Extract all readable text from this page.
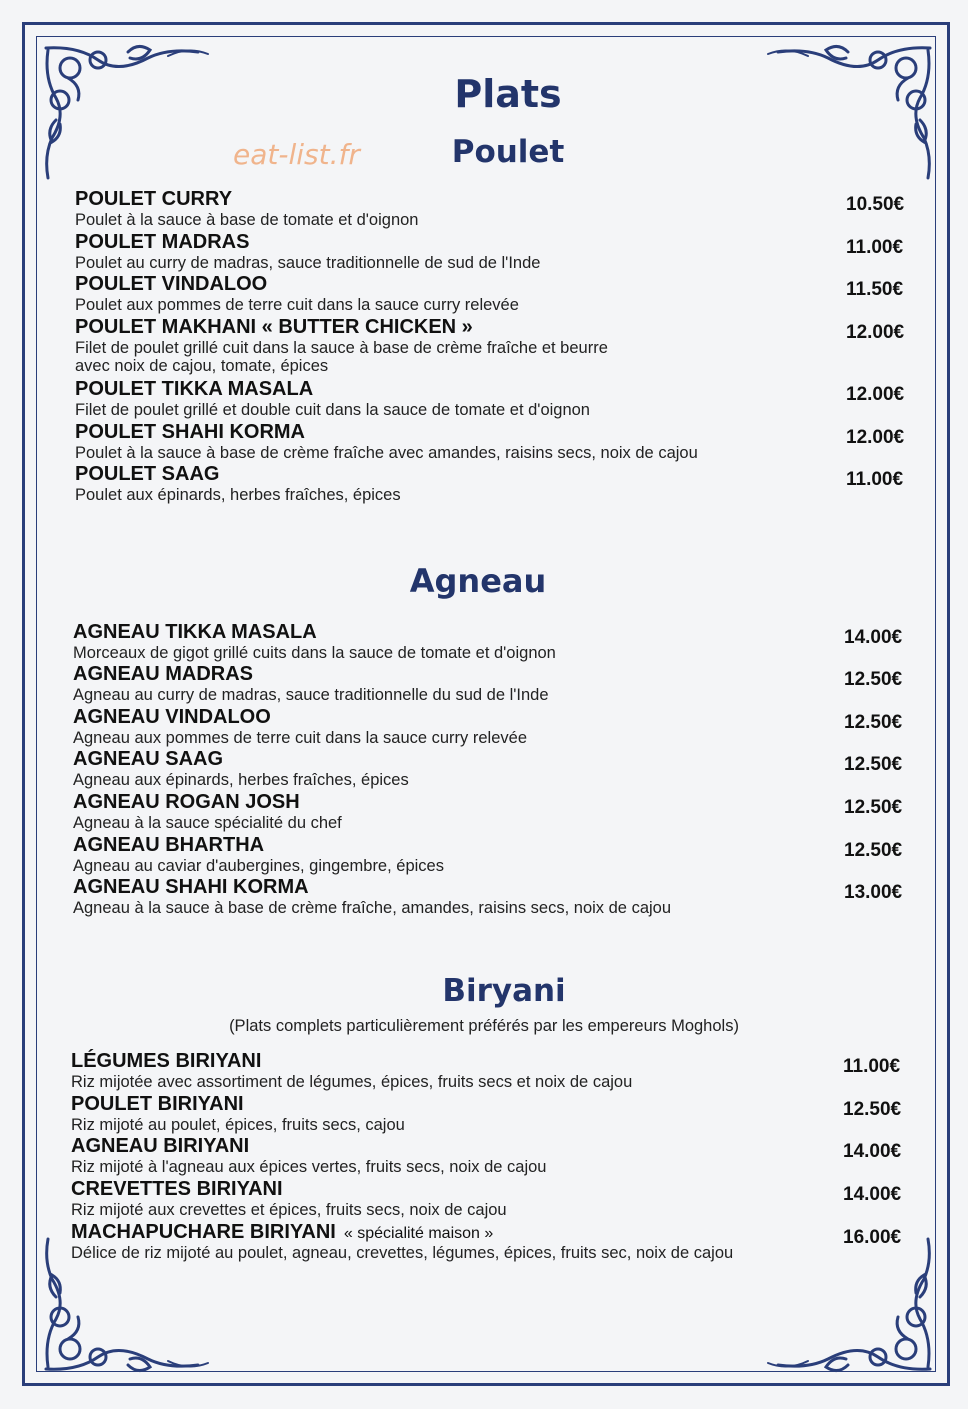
Plats
eat-list.fr	Poulet
Agneau
Biryani
(Plats complets particulièrement préférés par les empereurs Moghols)
POULET CURRY
Poulet à la sauce à base de tomate et d'oignon
10.50€
POULET MADRAS
Poulet au curry de madras, sauce traditionnelle de sud de l'Inde
11.00€
POULET VINDALOO
Poulet aux pommes de terre cuit dans la sauce curry relevée
11.50€
POULET MAKHANI « BUTTER CHICKEN »
Filet de poulet grillé cuit dans la sauce à base de crème fraîche et beurre
avec noix de cajou, tomate, épices
12.00€
POULET TIKKA MASALA
Filet de poulet grillé et double cuit dans la sauce de tomate et d'oignon
12.00€
POULET SHAHI KORMA
Poulet à la sauce à base de crème fraîche avec amandes, raisins secs, noix de cajou
12.00€
POULET SAAG
Poulet aux épinards, herbes fraîches, épices
11.00€
AGNEAU TIKKA MASALA
Morceaux de gigot grillé cuits dans la sauce de tomate et d'oignon
14.00€
AGNEAU MADRAS
Agneau au curry de madras, sauce traditionnelle du sud de l'Inde
12.50€
AGNEAU VINDALOO
Agneau aux pommes de terre cuit dans la sauce curry relevée
12.50€
AGNEAU SAAG
Agneau aux épinards, herbes fraîches, épices
12.50€
AGNEAU ROGAN JOSH
Agneau à la sauce spécialité du chef
12.50€
AGNEAU BHARTHA
Agneau au caviar d'aubergines, gingembre, épices
12.50€
AGNEAU SHAHI KORMA
Agneau à la sauce à base de crème fraîche, amandes, raisins secs, noix de cajou
13.00€
LÉGUMES BIRIYANI
Riz mijotée avec assortiment de légumes, épices, fruits secs et noix de cajou
11.00€
POULET BIRIYANI
Riz mijoté au poulet, épices, fruits secs, cajou
12.50€
AGNEAU BIRIYANI
Riz mijoté à l'agneau aux épices vertes, fruits secs, noix de cajou
14.00€
CREVETTES BIRIYANI
Riz mijoté aux crevettes et épices, fruits secs, noix de cajou
14.00€
MACHAPUCHARE BIRIYANI « spécialité maison »
Délice de riz mijoté au poulet, agneau, crevettes, légumes, épices, fruits sec, noix de cajou
16.00€
